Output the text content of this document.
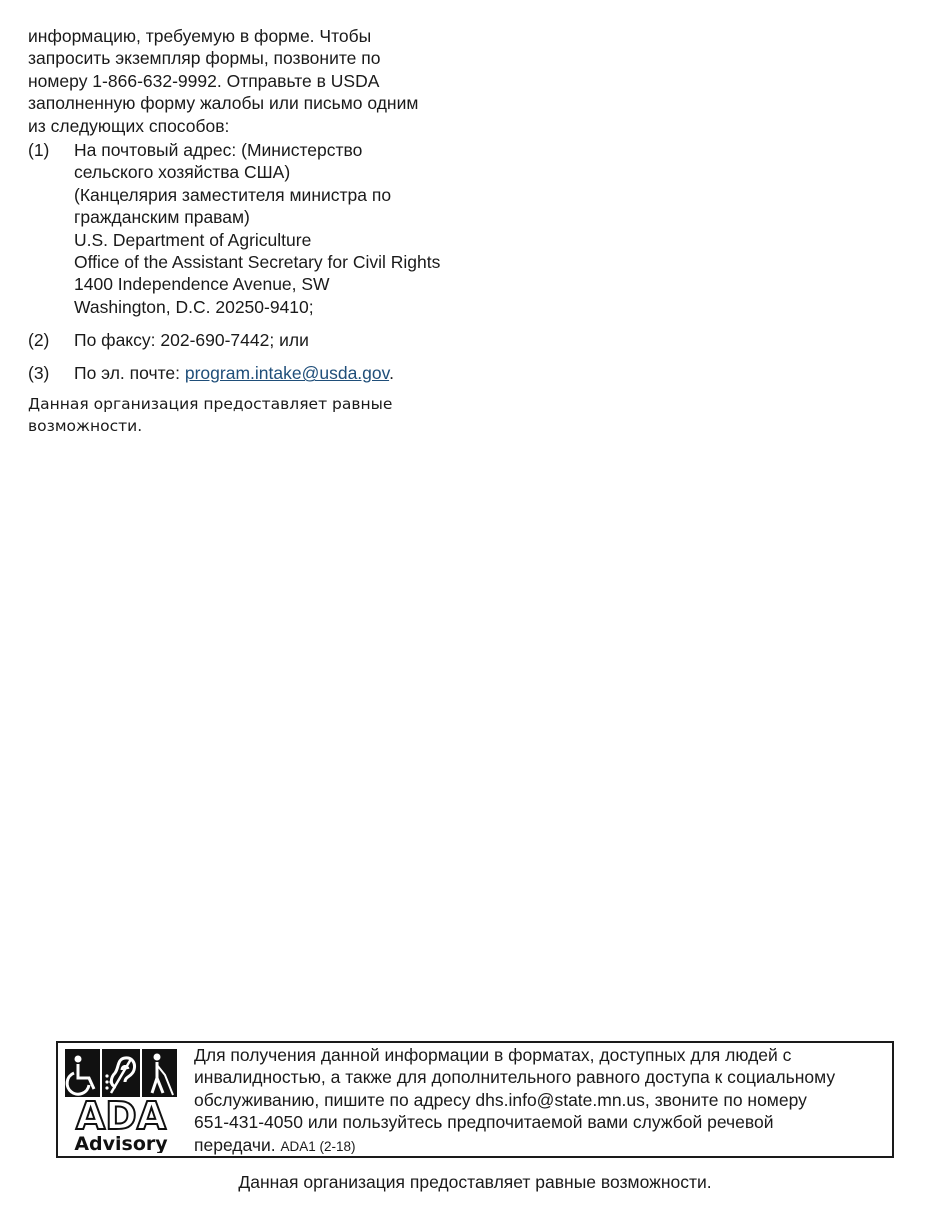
информацию, требуемую в форме. Чтобы
запросить экземпляр формы, позвоните по
номеру 1-866-632-9992. Отправьте в USDA
заполненную форму жалобы или письмо одним
из следующих способов:

(1)	На почтовый адрес: (Министерство
сельского хозяйства США)
(Канцелярия заместителя министра по
гражданским правам)
U.S. Department of Agriculture
Office of the Assistant Secretary for Civil Rights
1400 Independence Avenue, SW
Washington, D.C. 20250-9410;
(2)	По факсу: 202-690-7442; или
(3)	По эл. почте: program.intake@usda.gov.

Данная организация предоставляет равные
возможности.

ADA
Advisory

Для получения данной информации в форматах, доступных для людей с
инвалидностью, а также для дополнительного равного доступа к социальному
обслуживанию, пишите по адресу dhs.info@state.mn.us, звоните по номеру
651-431-4050 или пользуйтесь предпочитаемой вами службой речевой
передачи. ADA1 (2-18)

Данная организация предоставляет равные возможности.
